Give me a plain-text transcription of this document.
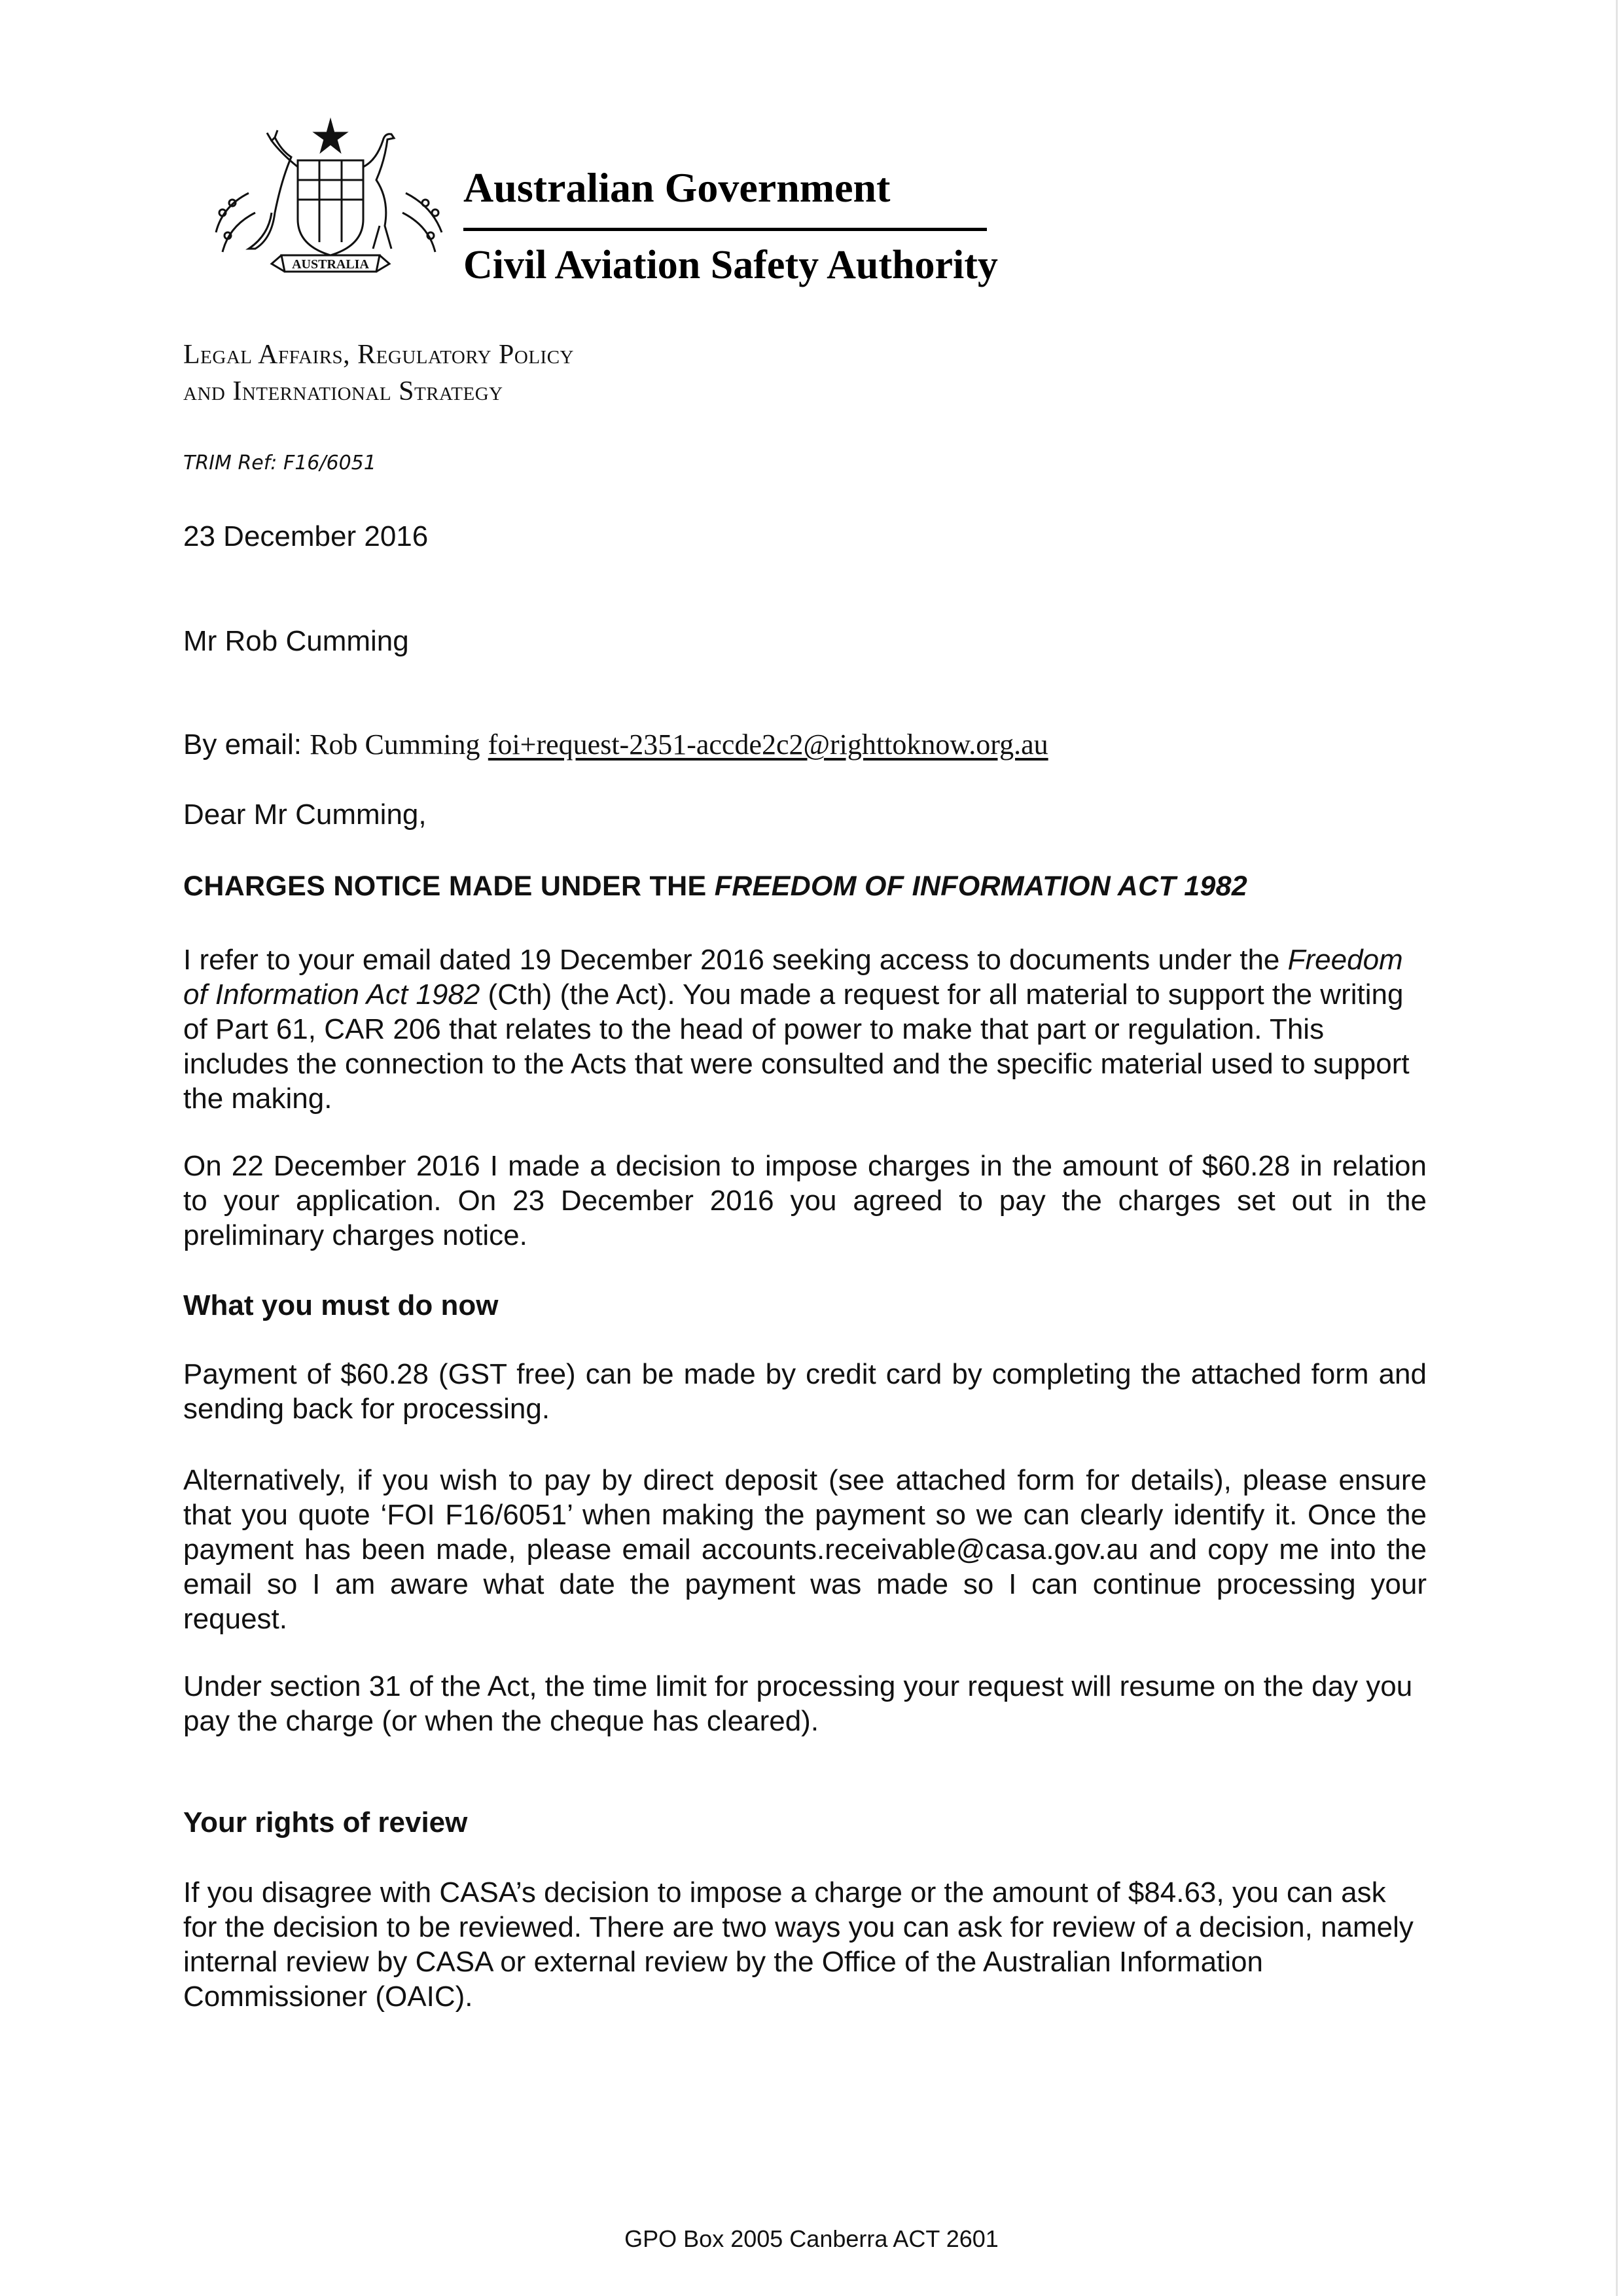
AUSTRALIA
Australian Government
Civil Aviation Safety Authority
Legal Affairs, Regulatory Policy
and International Strategy
TRIM Ref: F16/6051
23 December 2016
Mr Rob Cumming
By email: Rob Cumming foi+request-2351-accde2c2@righttoknow.org.au
Dear Mr Cumming,
CHARGES NOTICE MADE UNDER THE FREEDOM OF INFORMATION ACT 1982

I refer to your email dated 19 December 2016 seeking access to documents under the Freedom of Information Act 1982 (Cth) (the Act). You made a request for all material to support the writing of Part 61, CAR 206 that relates to the head of power to make that part or regulation. This includes the connection to the Acts that were consulted and the specific material used to support the making.

On 22 December 2016 I made a decision to impose charges in the amount of $60.28 in relation to your application. On 23 December 2016 you agreed to pay the charges set out in the preliminary charges notice.

What you must do now

Payment of $60.28 (GST free) can be made by credit card by completing the attached form and sending back for processing.

Alternatively, if you wish to pay by direct deposit (see attached form for details), please ensure that you quote ‘FOI F16/6051’ when making the payment so we can clearly identify it. Once the payment has been made, please email accounts.receivable@casa.gov.au and copy me into the email so I am aware what date the payment was made so I can continue processing your request.

Under section 31 of the Act, the time limit for processing your request will resume on the day you pay the charge (or when the cheque has cleared).

Your rights of review

If you disagree with CASA’s decision to impose a charge or the amount of $84.63, you can ask for the decision to be reviewed. There are two ways you can ask for review of a decision, namely internal review by CASA or external review by the Office of the Australian Information Commissioner (OAIC).

GPO Box 2005 Canberra ACT 2601
